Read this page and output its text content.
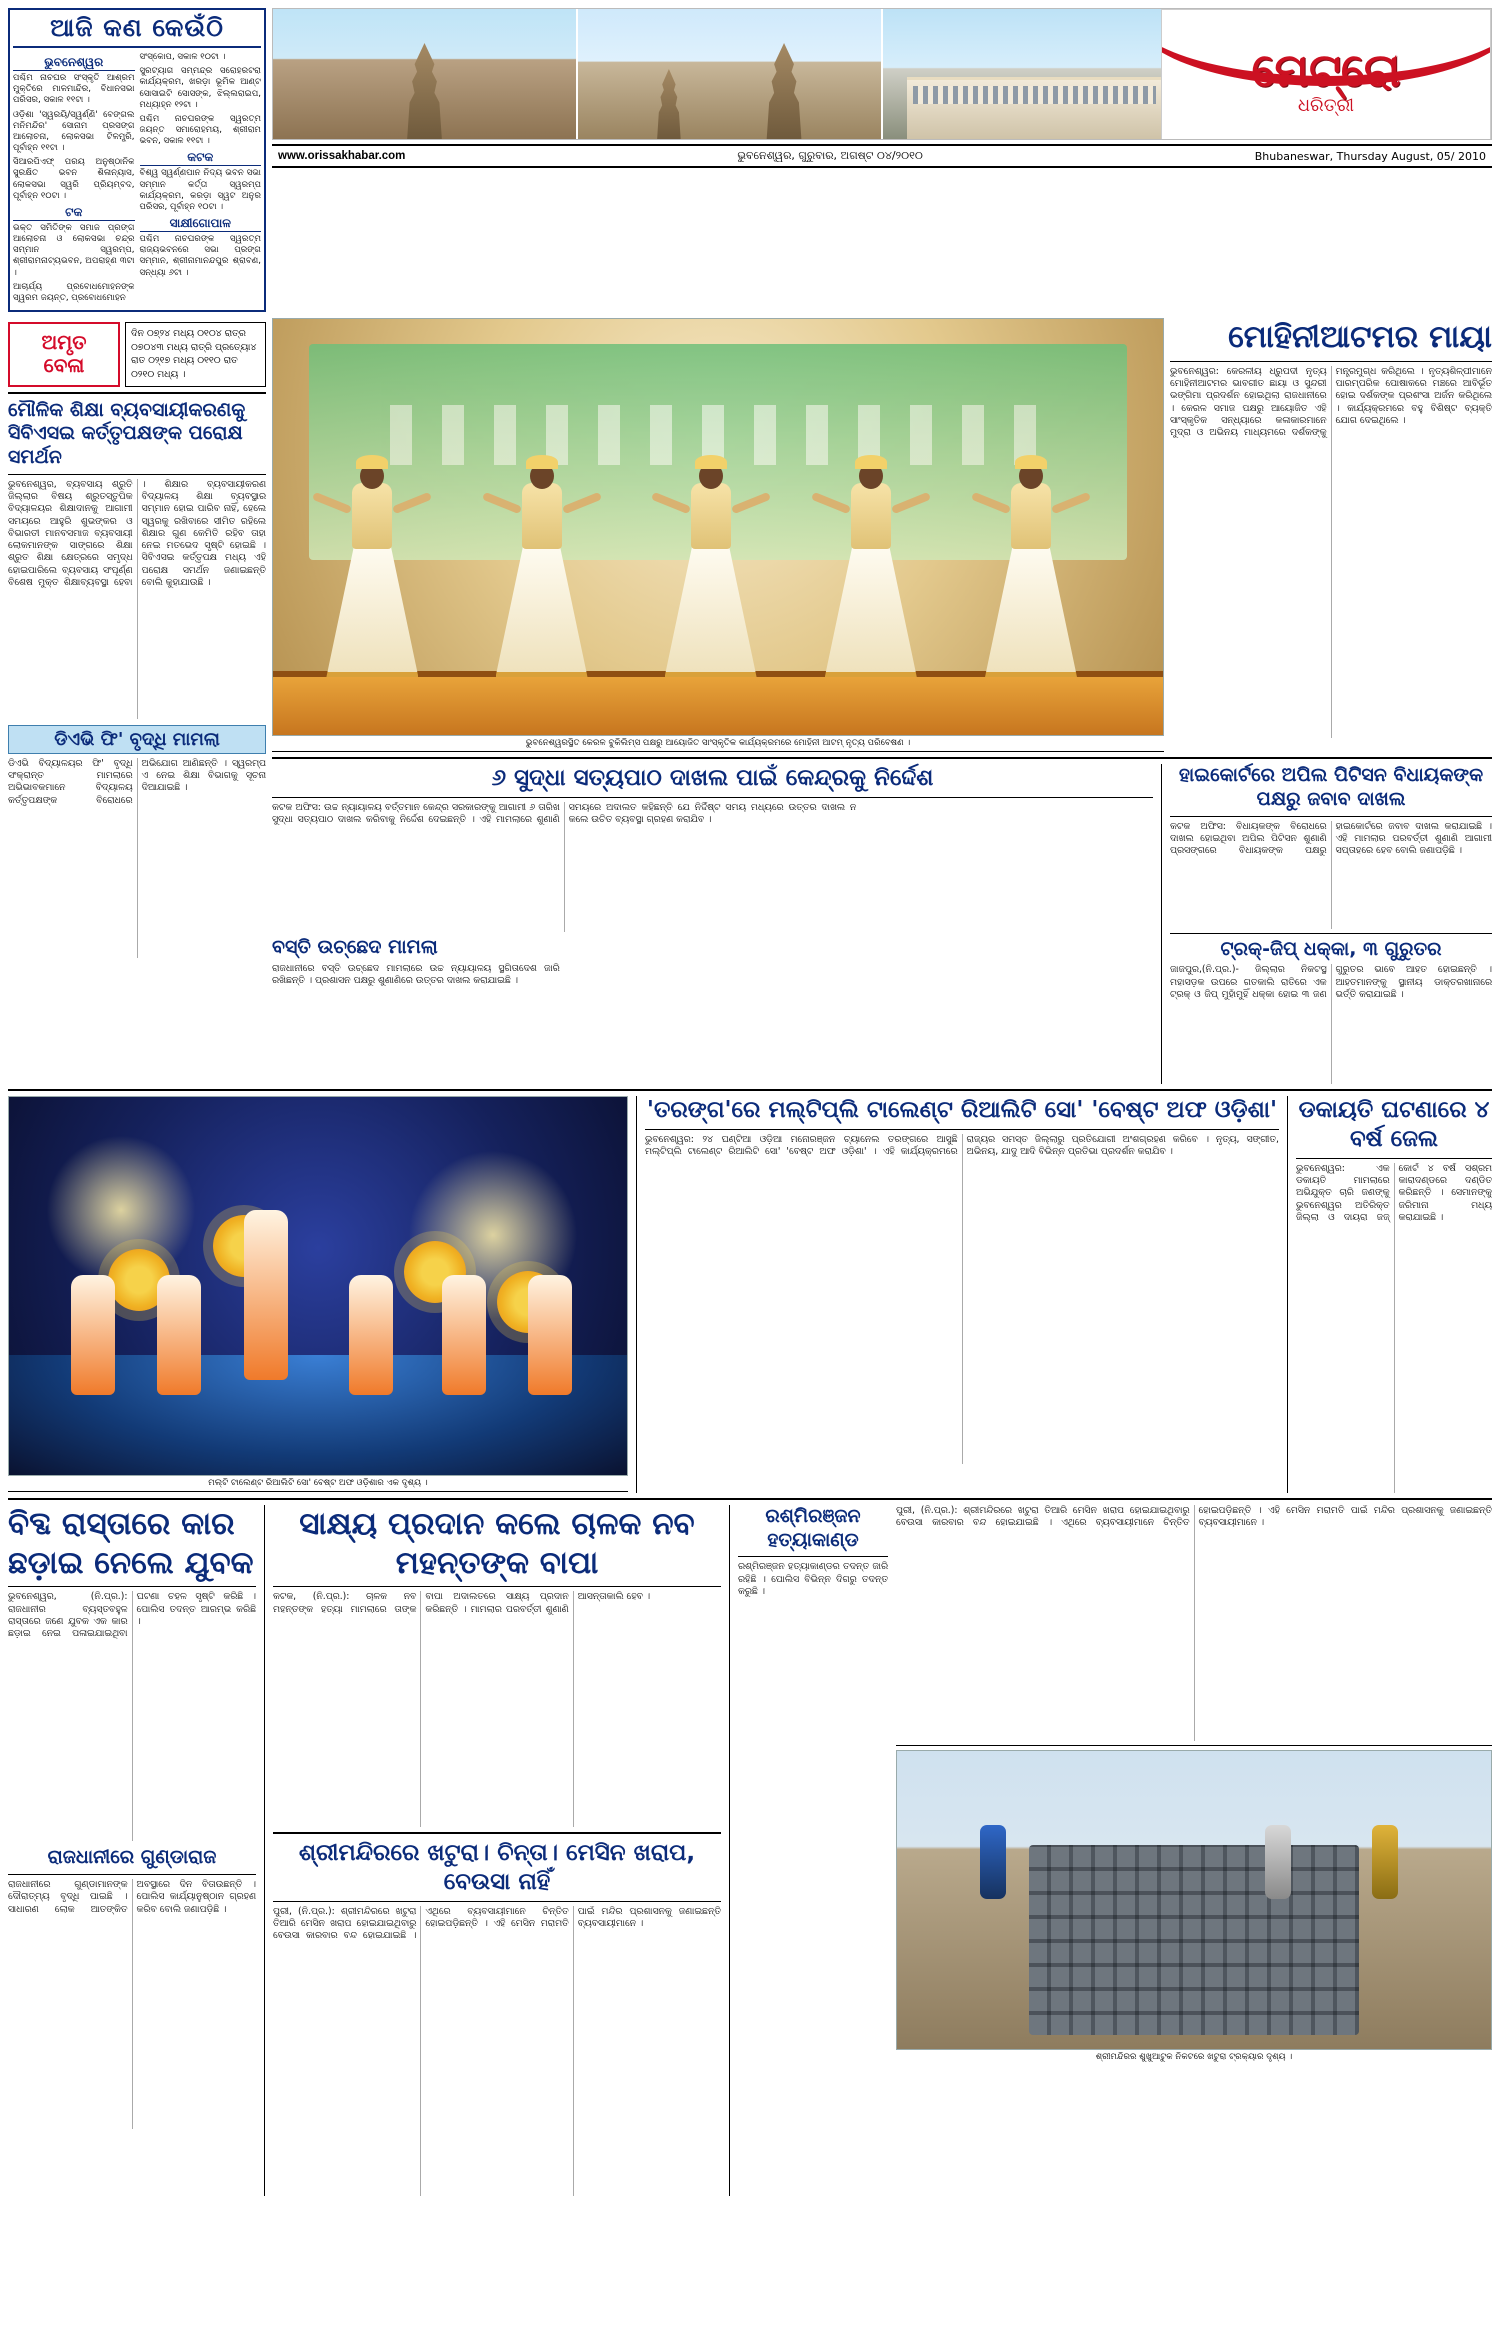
ଆଜି କଣ କେଉଁଠି
ଭୁବନେଶ୍ୱର

ପଶ୍ଚିମ ନାଚଘର ସଂସ୍କୃତି ଆଶ୍ରମ ମୁକ୍ତିରେ ମାଳମାନ୍ଦିର, ବିଧାନସଭା ପରିସର, ସକାଳ ୧୧ଟା ।

ଓଡ଼ିଶା 'ସ୍ୱରୟି/ସ୍ୱର୍ଣ୍ଣି' ବେଙ୍ଗଲ ମନିମନ୍ଦିର' ସୋନାମ ପ୍ରସଙ୍ଗ ଆଲୋଚନା, ଲୋକସଭା ଟିଳମ୍ପ୍ରି, ପୂର୍ବାହ୍ନ ୧୧ଟା ।

ସିଆରପିଏଫ୍ ପରୟ ଅନୁଷ୍ଠାନିକ ସୁରକ୍ଷିତ ଭବନ ଶିଳାନ୍ୟାସ, ଲୋକସଭା ସ୍ୱରି ପ୍ରିୟମ୍ବଦ, ପୂର୍ବାହ୍ନ ୧୦ଟା ।

ଟକ

ଭକ୍ତ ସମିତିଙ୍କ ସମାଜ ପ୍ରଙ୍ଗ ଆଲୋଚନା ଓ ଲୋକସଭା ଚନ୍ଦ୍ର ସମ୍ମାନ ସ୍ୱରମ୍ପ, ଶ୍ରୀରାମନାଟ୍ୟଭବନ, ଅପରାହ୍ଣ ୩ଟା ।

ଆଚାର୍ଯ୍ୟ ପ୍ରବୋଧମୋହନଙ୍କ ସ୍ୱରମ ଜୟନ୍ତ, ପ୍ରବୋଧମୋହନ

ସଂସ୍କୋପ, ସକାଳ ୧୦ଟା ।

ସୁରଟ୍ୟାଗ ସମ୍ମନ୍ଦ୍ର ସରୋହରଟରା କାର୍ଯ୍ୟକ୍ରମ, ଖରଡ଼ା ଭୂମିକ ଆଣ୍ଟ ସୋସାଇଟି ସୋସଙ୍କ, ଝିଲ୍ଲରାଇପ, ମଧ୍ୟାହ୍ନ ୧୨ଟା ।

ପଶ୍ଚିମ ନାଚଘରଙ୍କ ସ୍ୱରତ୍ମ ଜୟନ୍ତ ସମାରୋହମୟ, ଶ୍ରୀରାମ ଭବନ, ସକାଳ ୧୧ଟା ।

କଟକ

ବିଶ୍ୱ ସ୍ୱର୍ଣ୍ଣପାନ ନିଦ୍ୟ ଭବନ ସଭା ସମ୍ମାନ କର୍ତ୍ତା ସ୍ୱରମ୍ପ କାର୍ଯ୍ୟକ୍ରମ, କରଡ଼ା ସ୍ୱଟ ଅନୁର ପରିସର, ପୂର୍ବାହ୍ନ ୧୦ଟା ।

ସାକ୍ଷୀଗୋପାଳ

ପଶ୍ଚିମ ନାଚଘରଙ୍କ ସ୍ୱରତ୍ମ ରାଜ୍ୟଭବନରେ ସଭା ପ୍ରଙ୍ଗ ସମ୍ମାନ, ଶ୍ରୀନାମାନନ୍ଦପୁର ଶ୍ରାବଣ, ସନ୍ଧ୍ୟା ୬ଟା ।

ମେଟ୍ରୋ
ଧରିତ୍ରୀ
www.orissakhabar.com	ଭୁବନେଶ୍ୱର, ଗୁରୁବାର, ଅଗଷ୍ଟ ୦୪/୨୦୧୦	Bhubaneswar, Thursday August, 05/ 2010
ଅମୃତ
ବେଳା
ଦିନ ୦୭୍‍୨୪ ମଧ୍ୟ ୦୧୦୪ ରାତ୍ର ୦୭୦୪୩ ମଧ୍ୟ ରାତ୍ରି ପ୍ରତ୍ୟୋ୪ ରାତ ୦୨୍‍୧୭ ମଧ୍ୟ ୦୧୧୦ ରାତ ୦୨୧୦ ମଧ୍ୟ ।
ମୌଳିକ ଶିକ୍ଷା ବ୍ୟବସାୟୀକରଣକୁ ସିବିଏସଇ କର୍ତ୍ତୃପକ୍ଷଙ୍କ ପରୋକ୍ଷ ସମର୍ଥନ
ଭୁବନେଶ୍ୱର, ବ୍ୟବସାୟ ଶ୍ରୁତି ଜିଲ୍ଲାର ବିଷୟ ଶ୍ରୁତସ୍ତୁପିକ ବିଦ୍ୟାଳୟର ଶିକ୍ଷାଦାନକୁ ଆଗାମୀ ସମୟରେ ଆହୁରି ଶୁଭଙ୍କର ଓ ବିଭାରତୀ ମାନବସମାଜ ବ୍ୟବସାୟୀ ଲୋକମାନଙ୍କ ସାଙ୍ଗରେ ଶିକ୍ଷା ଶ୍ରୁତ ଶିକ୍ଷା କ୍ଷେତ୍ରରେ ସମୃଦ୍ଧ ହୋଇପାରିଲେ ବ୍ୟବସାୟ ସଂପୂର୍ଣ୍ଣ ବିଶେଷ ମୁକ୍ତ ଶିକ୍ଷାବ୍ୟବସ୍ଥା ହେବା । ଶିକ୍ଷାର ବ୍ୟବସାୟୀକରଣ ବିଦ୍ୟାଳୟ ଶିକ୍ଷା ବ୍ୟବସ୍ଥାର ସମ୍ମାନ ହୋଇ ପାରିବ ନାହିଁ, ହେଲେ ସ୍ୱରକୁ ରଖିବାରେ ସୀମିତ ରହିଲେ ଶିକ୍ଷାର ଗୁଣ କେମିତି ରହିବ ତାହା ନେଇ ମତଭେଦ ସୃଷ୍ଟି ହୋଇଛି । ସିବିଏସଇ କର୍ତ୍ତୃପକ୍ଷ ମଧ୍ୟ ଏହି ପରୋକ୍ଷ ସମର୍ଥନ ଜଣାଇଛନ୍ତି ବୋଲି କୁହାଯାଉଛି ।
ଡିଏଭି ଫି' ବୃଦ୍ଧି ମାମଲା
ଡିଏଭି ବିଦ୍ୟାଳୟର ଫି' ବୃଦ୍ଧି ସଂକ୍ରାନ୍ତ ମାମଲାରେ ଅଭିଭାବକମାନେ ବିଦ୍ୟାଳୟ କର୍ତ୍ତୃପକ୍ଷଙ୍କ ବିରୋଧରେ ଅଭିଯୋଗ ଆଣିଛନ୍ତି । ସ୍ୱରମ୍ପ ଏ ନେଇ ଶିକ୍ଷା ବିଭାଗକୁ ସୂଚନା ଦିଆଯାଇଛି ।
ଭୁବନେଶ୍ୱରସ୍ଥିତ କେରଳ ବୁକିଲିମ୍ସ ପକ୍ଷରୁ ଆୟୋଜିତ ସାଂସ୍କୃତିକ କାର୍ଯ୍ୟକ୍ରମରେ ମୋହିନୀ ଆଟମ୍ ନୃତ୍ୟ ପରିବେଷଣ ।
ମୋହିନୀଆଟମର ମାୟା
ଭୁବନେଶ୍ୱର: କେରଳୀୟ ଧ୍ରୁପଦୀ ନୃତ୍ୟ ମୋହିନୀଆଟମର ଭାବଗୀତ ଛାୟା ଓ ସୁନ୍ଦରୀ ଭଙ୍ଗିମା ପ୍ରଦର୍ଶନ ହୋଇଥିଲା ରାଜଧାନୀରେ । କେରଳ ସମାଜ ପକ୍ଷରୁ ଆୟୋଜିତ ଏହି ସାଂସ୍କୃତିକ ସନ୍ଧ୍ୟାରେ କଳାକାରମାନେ ମୁଦ୍ରା ଓ ଅଭିନୟ ମାଧ୍ୟମରେ ଦର୍ଶକଙ୍କୁ ମନ୍ତ୍ରମୁଗ୍ଧ କରିଥିଲେ । ନୃତ୍ୟଶିଳ୍ପୀମାନେ ପାରମ୍ପରିକ ପୋଷାକରେ ମଞ୍ଚରେ ଆବିର୍ଭୂତ ହୋଇ ଦର୍ଶକଙ୍କ ପ୍ରଶଂସା ଅର୍ଜନ କରିଥିଲେ । କାର୍ଯ୍ୟକ୍ରମରେ ବହୁ ବିଶିଷ୍ଟ ବ୍ୟକ୍ତି ଯୋଗ ଦେଇଥିଲେ ।
୬ ସୁଦ୍ଧା ସତ୍ୟପାଠ ଦାଖଲ ପାଇଁ କେନ୍ଦ୍ରକୁ ନିର୍ଦ୍ଦେଶ
କଟକ ଅଫିସ: ଉଚ୍ଚ ନ୍ୟାୟାଳୟ ବର୍ତ୍ତମାନ କେନ୍ଦ୍ର ସରକାରଙ୍କୁ ଆଗାମୀ ୬ ତାରିଖ ସୁଦ୍ଧା ସତ୍ୟପାଠ ଦାଖଲ କରିବାକୁ ନିର୍ଦ୍ଦେଶ ଦେଇଛନ୍ତି । ଏହି ମାମଲାରେ ଶୁଣାଣି ସମୟରେ ଅଦାଲତ କହିଛନ୍ତି ଯେ ନିର୍ଦ୍ଦିଷ୍ଟ ସମୟ ମଧ୍ୟରେ ଉତ୍ତର ଦାଖଲ ନ କଲେ ଉଚିତ ବ୍ୟବସ୍ଥା ଗ୍ରହଣ କରାଯିବ ।
ବସ୍ତି ଉଚ୍ଛେଦ ମାମଲା
ରାଜଧାନୀରେ ବସ୍ତି ଉଚ୍ଛେଦ ମାମଲାରେ ଉଚ୍ଚ ନ୍ୟାୟାଳୟ ସ୍ଥଗିତାଦେଶ ଜାରି ରଖିଛନ୍ତି । ପ୍ରଶାସନ ପକ୍ଷରୁ ଶୁଣାଣିରେ ଉତ୍ତର ଦାଖଲ କରାଯାଇଛି ।
ହାଇକୋର୍ଟରେ ଅପିଲ ପିଟିସନ ବିଧାୟକଙ୍କ ପକ୍ଷରୁ ଜବାବ ଦାଖଲ
କଟକ ଅଫିସ: ବିଧାୟକଙ୍କ ବିରୋଧରେ ଦାଖଲ ହୋଇଥିବା ଅପିଲ ପିଟିସନ ଶୁଣାଣି ପ୍ରସଙ୍ଗରେ ବିଧାୟକଙ୍କ ପକ୍ଷରୁ ହାଇକୋର୍ଟରେ ଜବାବ ଦାଖଲ କରାଯାଇଛି । ଏହି ମାମଲାର ପରବର୍ତ୍ତୀ ଶୁଣାଣି ଆଗାମୀ ସପ୍ତାହରେ ହେବ ବୋଲି ଜଣାପଡ଼ିଛି ।
ଟ୍ରକ୍‍-ଜିପ୍ ଧକ୍କା, ୩ ଗୁରୁତର
ଜାଜପୁର,(ନି.ପ୍ର.)- ଜିଲ୍ଲାର ନିକଟସ୍ଥ ମହାସଡ଼କ ଉପରେ ଗତକାଲି ରାତିରେ ଏକ ଟ୍ରକ୍ ଓ ଜିପ୍ ମୁହାଁମୁହିଁ ଧକ୍କା ହୋଇ ୩ ଜଣ ଗୁରୁତର ଭାବେ ଆହତ ହୋଇଛନ୍ତି । ଆହତମାନଙ୍କୁ ସ୍ଥାନୀୟ ଡାକ୍ତରଖାନାରେ ଭର୍ତ୍ତି କରାଯାଇଛି ।
ମଲ୍ଟି ଟାଲେଣ୍ଟ ରିଆଲିଟି ସୋ' ବେଷ୍ଟ ଅଫ ଓଡ଼ିଶାର ଏକ ଦୃଶ୍ୟ ।
'ତରଙ୍ଗ'ରେ ମଲ୍ଟିପ୍ଲି ଟାଲେଣ୍ଟ ରିଆଲିଟି ସୋ' 'ବେଷ୍ଟ ଅଫ ଓଡ଼ିଶା'
ଭୁବନେଶ୍ୱର: ୨୪ ଘଣ୍ଟିଆ ଓଡ଼ିଆ ମନୋରଞ୍ଜନ ଚ୍ୟାନେଲ ତରଙ୍ଗରେ ଆସୁଛି ମଲ୍ଟିପ୍ଲି ଟାଲେଣ୍ଟ ରିଆଲିଟି ସୋ' 'ବେଷ୍ଟ ଅଫ ଓଡ଼ିଶା' । ଏହି କାର୍ଯ୍ୟକ୍ରମରେ ରାଜ୍ୟର ସମସ୍ତ ଜିଲ୍ଲାରୁ ପ୍ରତିଯୋଗୀ ଅଂଶଗ୍ରହଣ କରିବେ । ନୃତ୍ୟ, ସଙ୍ଗୀତ, ଅଭିନୟ, ଯାଦୁ ଆଦି ବିଭିନ୍ନ ପ୍ରତିଭା ପ୍ରଦର୍ଶନ କରାଯିବ ।
ଡକାୟତି ଘଟଣାରେ ୪ ବର୍ଷ ଜେଲ
ଭୁବନେଶ୍ୱର: ଏକ ଡକାୟତି ମାମଲାରେ ଅଭିଯୁକ୍ତ ଚାରି ଜଣଙ୍କୁ ଭୁବନେଶ୍ୱର ଅତିରିକ୍ତ ଜିଲ୍ଲା ଓ ଦାୟରା ଜଜ୍ କୋର୍ଟ ୪ ବର୍ଷ ସଶ୍ରମ କାରାଦଣ୍ଡରେ ଦଣ୍ଡିତ କରିଛନ୍ତି । ସେମାନଙ୍କୁ ଜରିମାନା ମଧ୍ୟ କରାଯାଇଛି ।
ବିବ୍ଦ ରାସ୍ତାରେ କାର ଛଡ଼ାଇ ନେଲେ ଯୁବକ
ଭୁବନେଶ୍ୱର, (ନି.ପ୍ର.): ରାଜଧାନୀର ବ୍ୟସ୍ତବହୁଳ ରାସ୍ତାରେ ଜଣେ ଯୁବକ ଏକ କାର ଛଡ଼ାଇ ନେଇ ପଳାଇଯାଇଥିବା ଘଟଣା ଚହଳ ସୃଷ୍ଟି କରିଛି । ପୋଲିସ ତଦନ୍ତ ଆରମ୍ଭ କରିଛି ।
ରାଜଧାନୀରେ ଗୁଣ୍ଡାରାଜ
ରାଜଧାନୀରେ ଗୁଣ୍ଡାମାନଙ୍କ ଦୌରାତ୍ମ୍ୟ ବୃଦ୍ଧି ପାଇଛି । ସାଧାରଣ ଲୋକ ଆତଙ୍କିତ ଅବସ୍ଥାରେ ଦିନ ବିତାଉଛନ୍ତି । ପୋଲିସ କାର୍ଯ୍ୟାନୁଷ୍ଠାନ ଗ୍ରହଣ କରିବ ବୋଲି ଜଣାପଡ଼ିଛି ।
ସାକ୍ଷ୍ୟ ପ୍ରଦାନ କଲେ ଚାଳକ ନବ ମହନ୍ତଙ୍କ ବାପା
କଟକ, (ନି.ପ୍ର.): ଚାଳକ ନବ ମହନ୍ତଙ୍କ ହତ୍ୟା ମାମଲାରେ ତାଙ୍କ ବାପା ଅଦାଲତରେ ସାକ୍ଷ୍ୟ ପ୍ରଦାନ କରିଛନ୍ତି । ମାମଲାର ପରବର୍ତ୍ତୀ ଶୁଣାଣି ଆସନ୍ତାକାଲି ହେବ ।
ଶ୍ରୀମନ୍ଦିରରେ ଖଟୁରା। ଚିନ୍ତା। ମେସିନ ଖରାପ, ବେଉସା ନାହିଁ
ପୁରୀ, (ନି.ପ୍ର.): ଶ୍ରୀମନ୍ଦିରରେ ଖଟୁରା ତିଆରି ମେସିନ ଖରାପ ହୋଇଯାଇଥିବାରୁ ବେଉସା କାରବାର ବନ୍ଦ ହୋଇଯାଇଛି । ଏଥିରେ ବ୍ୟବସାୟୀମାନେ ଚିନ୍ତିତ ହୋଇପଡ଼ିଛନ୍ତି । ଏହି ମେସିନ ମରାମତି ପାଇଁ ମନ୍ଦିର ପ୍ରଶାସନକୁ ଜଣାଇଛନ୍ତି ବ୍ୟବସାୟୀମାନେ ।
ରଶ୍ମିରଞ୍ଜନ ହତ୍ୟାକାଣ୍ଡ
ରଶ୍ମିରଞ୍ଜନ ହତ୍ୟାକାଣ୍ଡର ତଦନ୍ତ ଜାରି ରହିଛି । ପୋଲିସ ବିଭିନ୍ନ ଦିଗରୁ ତଦନ୍ତ କରୁଛି ।
ପୁରୀ, (ନି.ପ୍ର.): ଶ୍ରୀମନ୍ଦିରରେ ଖଟୁରା ତିଆରି ମେସିନ ଖରାପ ହୋଇଯାଇଥିବାରୁ ବେଉସା କାରବାର ବନ୍ଦ ହୋଇଯାଇଛି । ଏଥିରେ ବ୍ୟବସାୟୀମାନେ ଚିନ୍ତିତ ହୋଇପଡ଼ିଛନ୍ତି । ଏହି ମେସିନ ମରାମତି ପାଇଁ ମନ୍ଦିର ପ୍ରଶାସନକୁ ଜଣାଇଛନ୍ତି ବ୍ୟବସାୟୀମାନେ ।
ଶ୍ରୀମନ୍ଦିରର ଶୁଖୁଆଟୁକ ନିକଟରେ ଖଟୁରା ଟ୍ରକ୍ୟାର ଦୃଶ୍ୟ ।
